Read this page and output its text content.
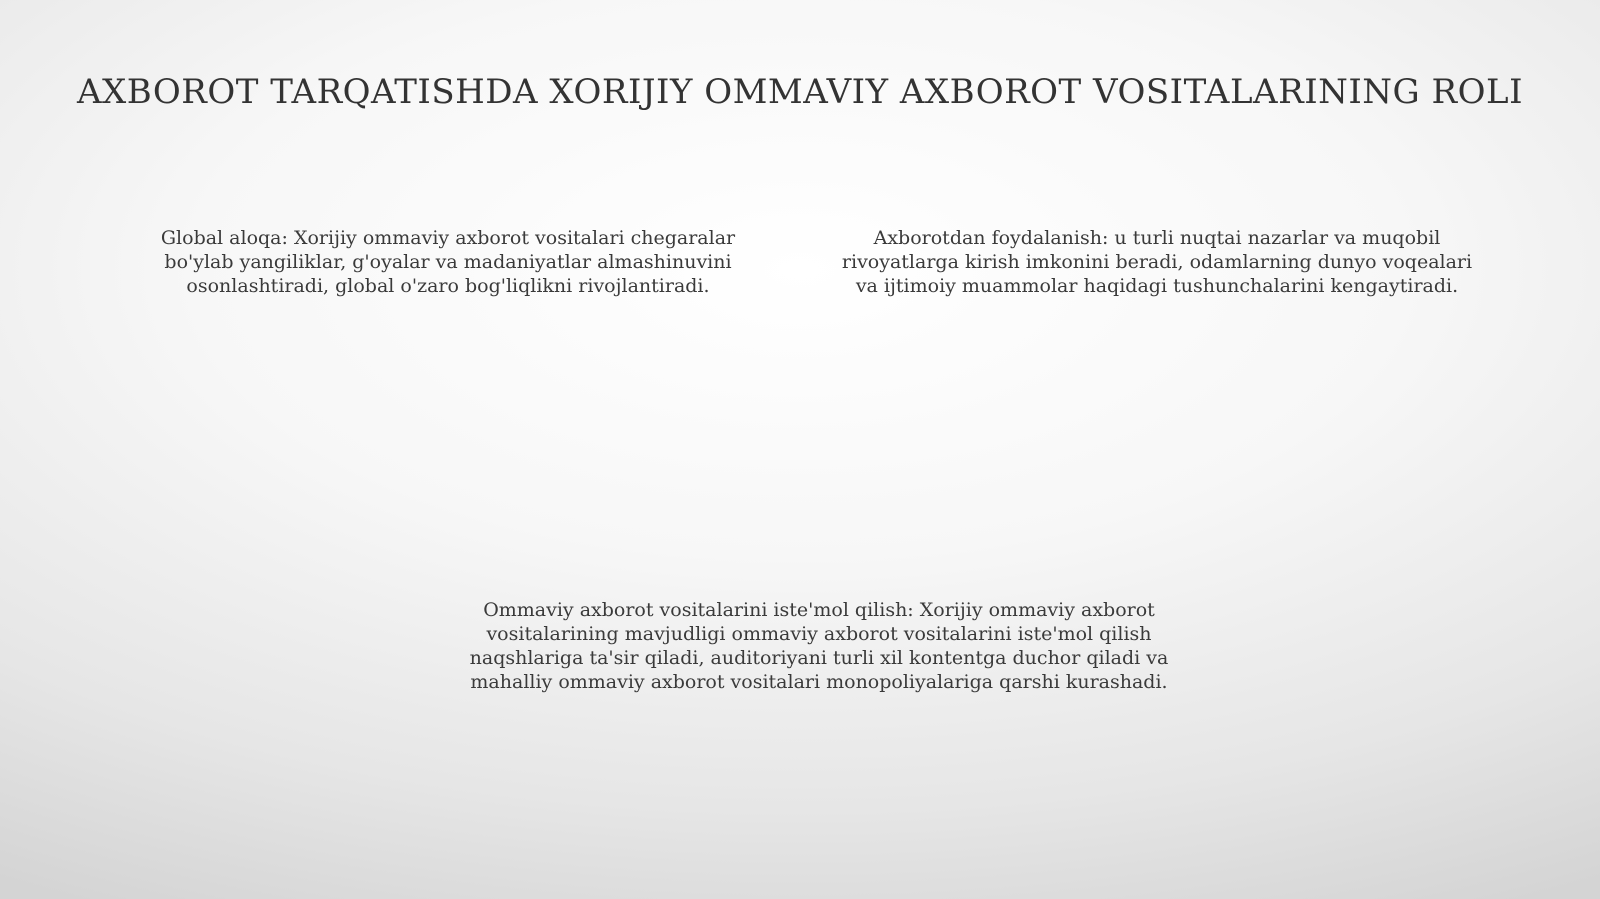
AXBOROT TARQATISHDA XORIJIY OMMAVIY AXBOROT VOSITALARINING ROLI

Global aloqa: Xorijiy ommaviy axborot vositalari chegaralar bo'ylab yangiliklar, g'oyalar va madaniyatlar almashinuvini osonlashtiradi, global o'zaro bog'liqlikni rivojlantiradi.

Axborotdan foydalanish: u turli nuqtai nazarlar va muqobil rivoyatlarga kirish imkonini beradi, odamlarning dunyo voqealari va ijtimoiy muammolar haqidagi tushunchalarini kengaytiradi.

Ommaviy axborot vositalarini iste'mol qilish: Xorijiy ommaviy axborot vositalarining mavjudligi ommaviy axborot vositalarini iste'mol qilish naqshlariga ta'sir qiladi, auditoriyani turli xil kontentga duchor qiladi va mahalliy ommaviy axborot vositalari monopoliyalariga qarshi kurashadi.
